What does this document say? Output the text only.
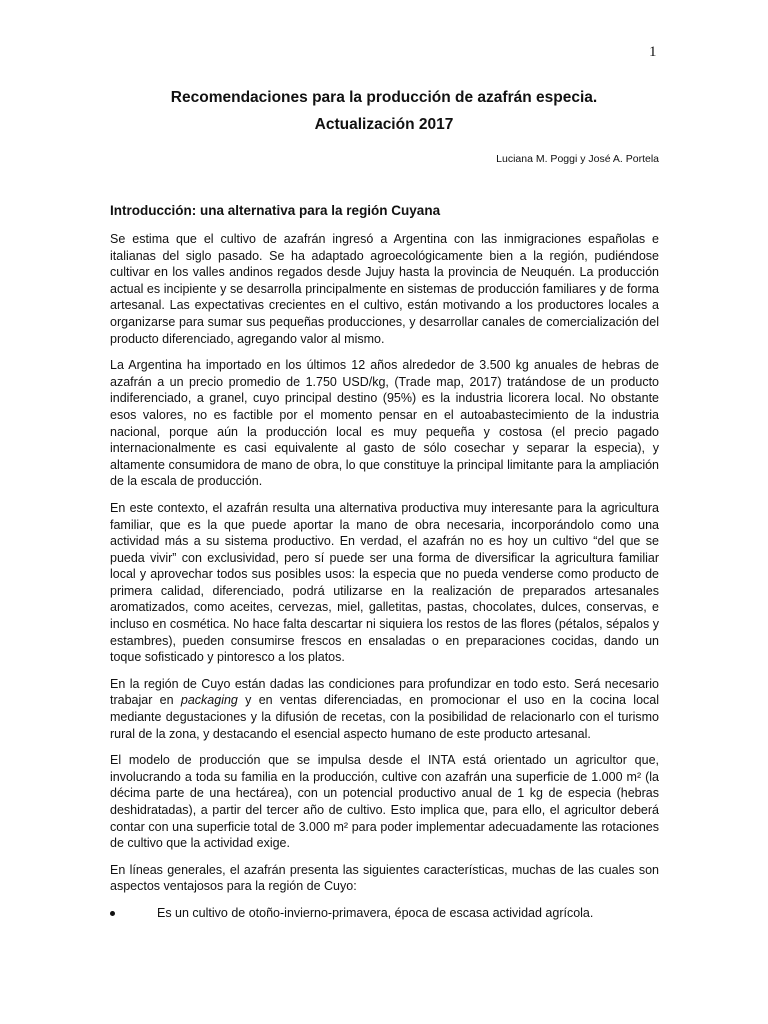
1
Recomendaciones para la producción de azafrán especia.
Actualización 2017
Luciana M. Poggi y José A. Portela
Introducción: una alternativa para la región Cuyana

Se estima que el cultivo de azafrán ingresó a Argentina con las inmigraciones españolas e italianas del siglo pasado. Se ha adaptado agroecológicamente bien a la región, pudiéndose cultivar en los valles andinos regados desde Jujuy hasta la provincia de Neuquén. La producción actual es incipiente y se desarrolla principalmente en sistemas de producción familiares y de forma artesanal. Las expectativas crecientes en el cultivo, están motivando a los productores locales a organizarse para sumar sus pequeñas producciones, y desarrollar canales de comercialización del producto diferenciado, agregando valor al mismo.

La Argentina ha importado en los últimos 12 años alrededor de 3.500 kg anuales de hebras de azafrán a un precio promedio de 1.750 USD/kg, (Trade map, 2017) tratándose de un producto indiferenciado, a granel, cuyo principal destino (95%) es la industria licorera local. No obstante esos valores, no es factible por el momento pensar en el autoabastecimiento de la industria nacional, porque aún la producción local es muy pequeña y costosa (el precio pagado internacionalmente es casi equivalente al gasto de sólo cosechar y separar la especia), y altamente consumidora de mano de obra, lo que constituye la principal limitante para la ampliación de la escala de producción.

En este contexto, el azafrán resulta una alternativa productiva muy interesante para la agricultura familiar, que es la que puede aportar la mano de obra necesaria, incorporándolo como una actividad más a su sistema productivo. En verdad, el azafrán no es hoy un cultivo “del que se pueda vivir” con exclusividad, pero sí puede ser una forma de diversificar la agricultura familiar local y aprovechar todos sus posibles usos: la especia que no pueda venderse como producto de primera calidad, diferenciado, podrá utilizarse en la realización de preparados artesanales aromatizados, como aceites, cervezas, miel, galletitas, pastas, chocolates, dulces, conservas, e incluso en cosmética. No hace falta descartar ni siquiera los restos de las flores (pétalos, sépalos y estambres), pueden consumirse frescos en ensaladas o en preparaciones cocidas, dando un toque sofisticado y pintoresco a los platos.

En la región de Cuyo están dadas las condiciones para profundizar en todo esto. Será necesario trabajar en packaging y en ventas diferenciadas, en promocionar el uso en la cocina local mediante degustaciones y la difusión de recetas, con la posibilidad de relacionarlo con el turismo rural de la zona, y destacando el esencial aspecto humano de este producto artesanal.

El modelo de producción que se impulsa desde el INTA está orientado un agricultor que, involucrando a toda su familia en la producción, cultive con azafrán una superficie de 1.000 m² (la décima parte de una hectárea), con un potencial productivo anual de 1 kg de especia (hebras deshidratadas), a partir del tercer año de cultivo. Esto implica que, para ello, el agricultor deberá contar con una superficie total de 3.000 m² para poder implementar adecuadamente las rotaciones de cultivo que la actividad exige.

En líneas generales, el azafrán presenta las siguientes características, muchas de las cuales son aspectos ventajosos para la región de Cuyo:

Es un cultivo de otoño-invierno-primavera, época de escasa actividad agrícola.
